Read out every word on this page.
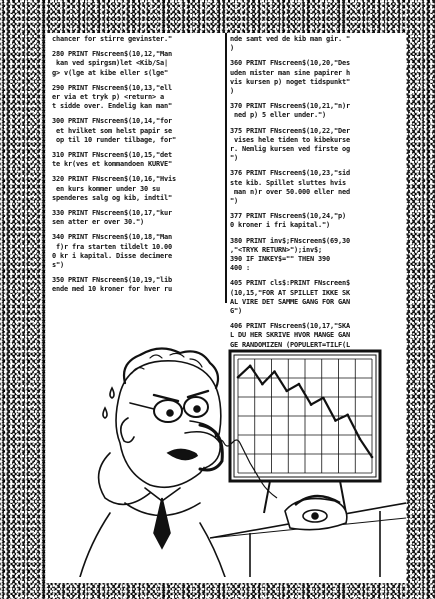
chancer for stirre gevinster."
280 PRINT FNscreen$(10,12,"Man
kan ved spirgsm)let <Kib/Sa|
g> v(lge at kibe eller s(lge"
290 PRINT FNscreen$(10,13,"ell
er via et tryk p) <return> a
t sidde over. Endelig kan man"
300 PRINT FNscreen$(10,14,"for
et hvilket som helst papir se
op til 10 runder tilbage, for"
310 PRINT FNscreen$(10,15,"det
te kr(ves et kommandoen KURVE"
320 PRINT FNscreen$(10,16,"Hvis
en kurs kommer under 30 su
spenderes salg og kib, indtil"
330 PRINT FNscreen$(10,17,"kur
sen atter er over 30.")
340 PRINT FNscreen$(10,18,"Man
f)r fra starten tildelt 10.00
0 kr i kapital. Disse decimere
s")
350 PRINT FNscreen$(10,19,"lib
ende med 10 kroner for hver ru
nde samt ved de kib man gir. "
)
360 PRINT FNscreen$(10,20,"Des
uden mister man sine papirer h
vis kursen p) noget tidspunkt"
)
370 PRINT FNscreen$(10,21,"n)r
ned p) 5 eller under.")
375 PRINT FNscreen$(10,22,"Der
vises hele tiden to kibekurse
r. Nemlig kursen ved firste og
")
376 PRINT FNscreen$(10,23,"sid
ste kib. Spillet sluttes hvis
man n)r over 50.000 eller ned
")
377 PRINT FNscreen$(10,24,"p)
0 kroner i fri kapital.")
380 PRINT inv$;FNscreen$(69,30
,"<TRYK RETURN>");inv$;
390 IF INKEY$="" THEN 390
400 :
405 PRINT cls$:PRINT FNscreen$
(10,15,"FOR AT SPILLET IKKE SK
AL VIRE DET SAMME GANG FOR GAN
G")
406 PRINT FNscreen$(10,17,"SKA
L DU HER SKRIVE HVOR MANGE GAN
GE RANDOMIZEN (POPULERT=TILF(L
30
